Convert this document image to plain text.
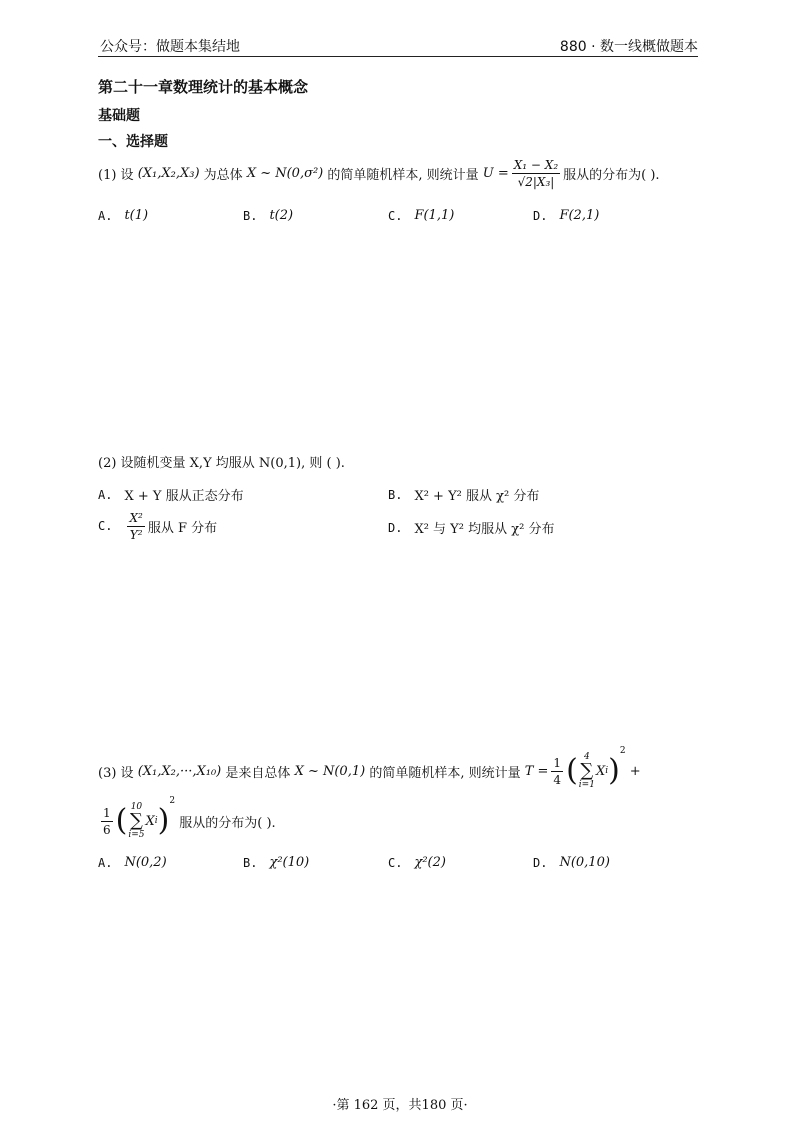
公众号：做题本集结地	880 · 数一线概做题本
第二十一章数理统计的基本概念
基础题
一、选择题
(1) 设
(X₁,X₂,X₃)
为总体
X ~ N(0,σ²)
的简单随机样本, 则统计量
$U = \frac{\text{X₁ − X₂}}{\text{√2|X₃|}}$ 服从的分布为( ).
A. t(1)	B. t(2)	C. F(1,1)	D. F(2,1)
(2) 设随机变量 X,Y 均服从 N(0,1), 则 ( ).
A. X + Y 服从正态分布	B. X² + Y² 服从 χ² 分布
C. $\frac{\text{X²}}{\text{Y²}}$ 服从 F 分布	D. X² 与 Y² 均服从 χ² 分布
(3) 设
(X₁,X₂,···,X₁₀)
是来自总体
X ~ N(0,1)
的简单随机样本, 则统计量
$T = \frac{1}{4}$ ( 4
∑
i=1
X i )
2

+
$\frac{1}{6}$ ( 10
∑
i=5
X i )
2

服从的分布为( ).
A. N(0,2)	B. χ²(10)	C. χ²(2)	D. N(0,10)
·第 162 页，共180 页·
